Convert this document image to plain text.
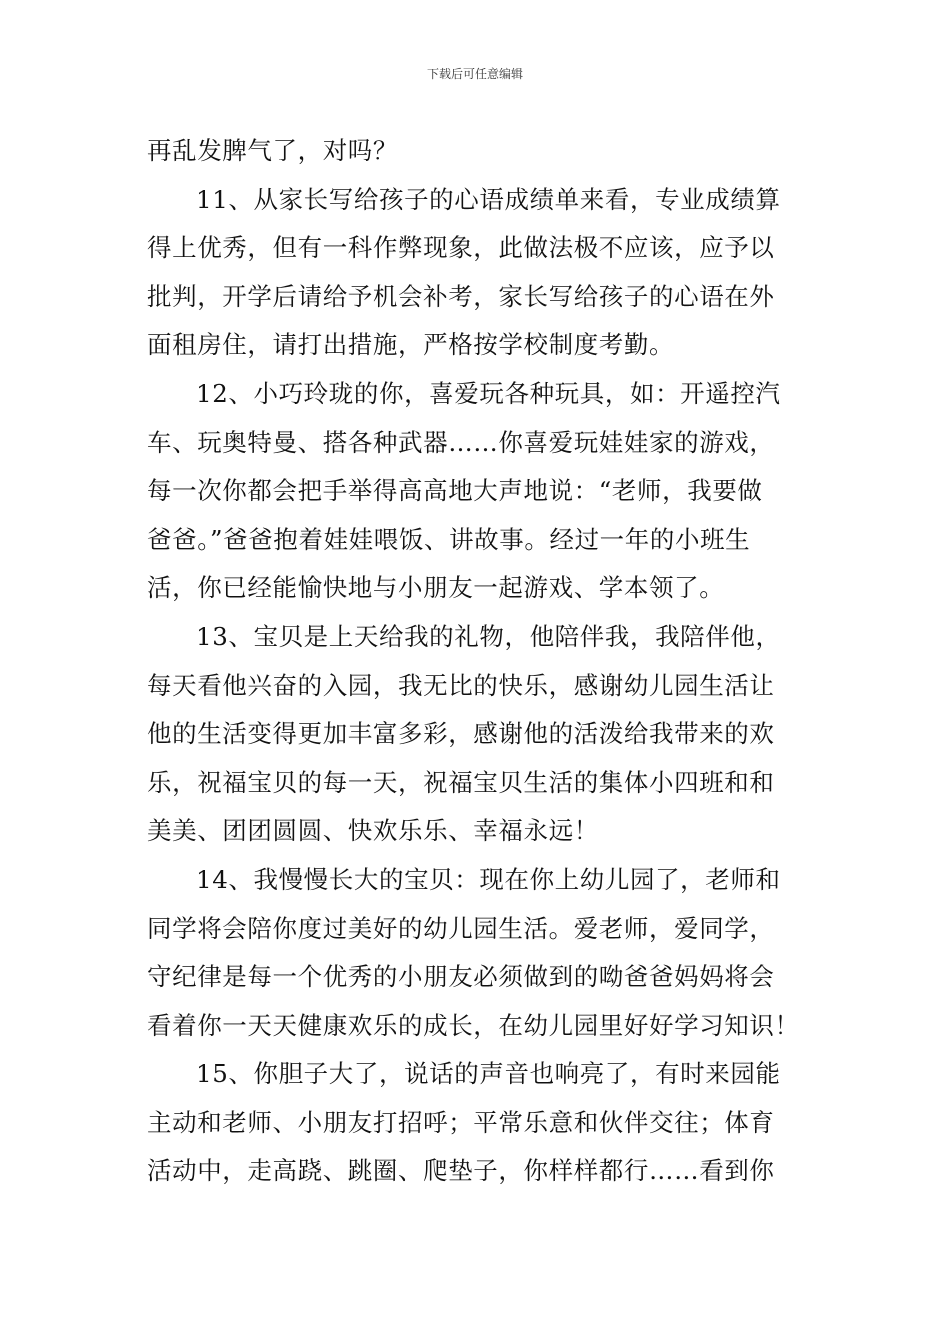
下载后可任意编辑
再乱发脾气了，对吗？
11、从家长写给孩子的心语成绩单来看，专业成绩算
得上优秀，但有一科作弊现象，此做法极不应该，应予以
批判，开学后请给予机会补考，家长写给孩子的心语在外
面租房住，请打出措施，严格按学校制度考勤。
12、小巧玲珑的你，喜爱玩各种玩具，如：开遥控汽
车、玩奥特曼、搭各种武器……你喜爱玩娃娃家的游戏，
每一次你都会把手举得高高地大声地说：“老师，我要做
爸爸。”爸爸抱着娃娃喂饭、讲故事。经过一年的小班生
活，你已经能愉快地与小朋友一起游戏、学本领了。
13、宝贝是上天给我的礼物，他陪伴我，我陪伴他，
每天看他兴奋的入园，我无比的快乐，感谢幼儿园生活让
他的生活变得更加丰富多彩，感谢他的活泼给我带来的欢
乐，祝福宝贝的每一天，祝福宝贝生活的集体小四班和和
美美、团团圆圆、快欢乐乐、幸福永远！
14、我慢慢长大的宝贝：现在你上幼儿园了，老师和
同学将会陪你度过美好的幼儿园生活。爱老师，爱同学，
守纪律是每一个优秀的小朋友必须做到的呦爸爸妈妈将会
看着你一天天健康欢乐的成长，在幼儿园里好好学习知识！
15、你胆子大了，说话的声音也响亮了，有时来园能
主动和老师、小朋友打招呼；平常乐意和伙伴交往；体育
活动中，走高跷、跳圈、爬垫子，你样样都行……看到你
